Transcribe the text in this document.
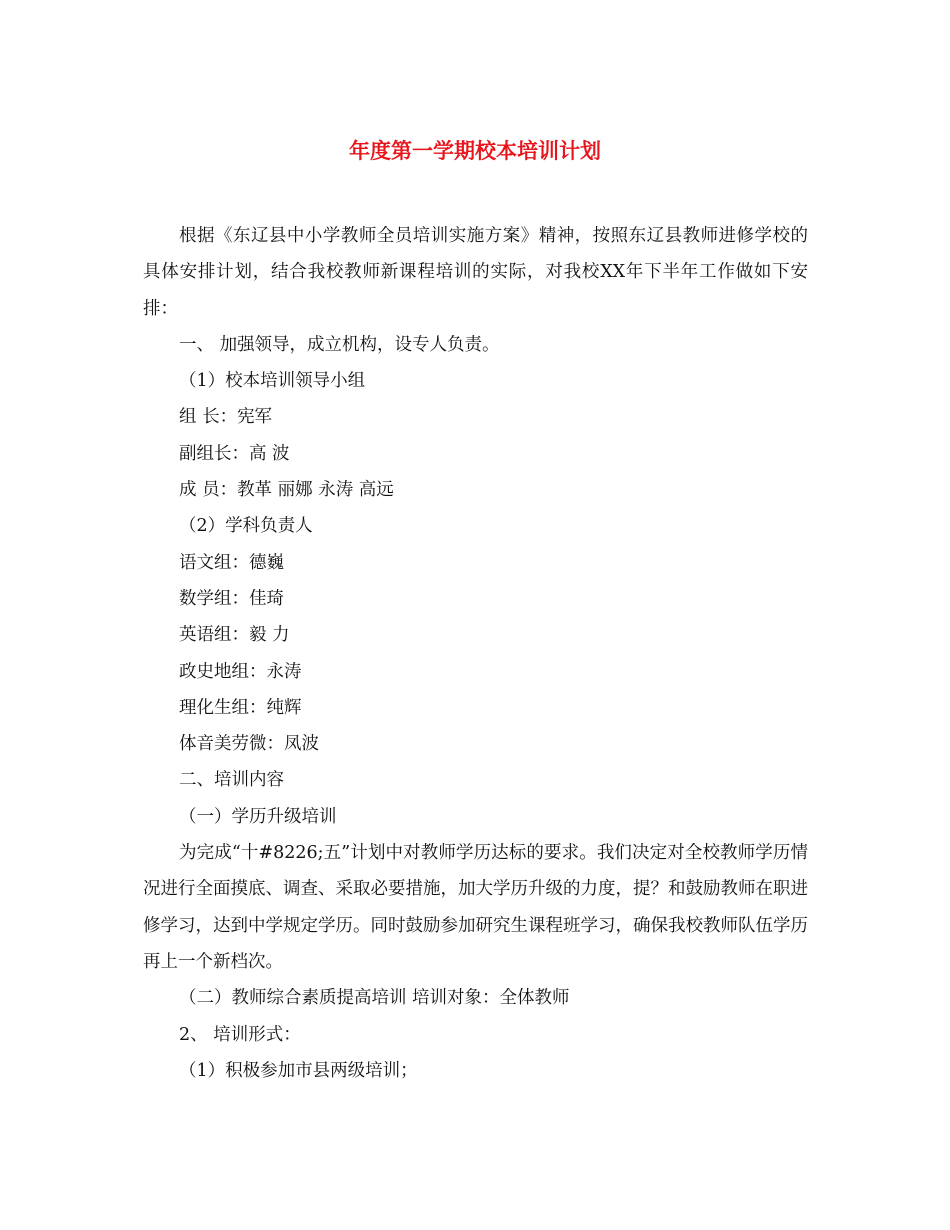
年度第一学期校本培训计划

根据《东辽县中小学教师全员培训实施方案》精神，按照东辽县教师进修学校的具体安排计划，结合我校教师新课程培训的实际，对我校XX年下半年工作做如下安排：

一、 加强领导，成立机构，设专人负责。

（1）校本培训领导小组

组 长：宪军

副组长：高 波

成 员：教革 丽娜 永涛 高远

（2）学科负责人

语文组：德巍

数学组：佳琦

英语组：毅 力

政史地组：永涛

理化生组：纯辉

体音美劳微：凤波

二、培训内容

（一）学历升级培训

为完成“十#8226;五”计划中对教师学历达标的要求。我们决定对全校教师学历情况进行全面摸底、调查、采取必要措施，加大学历升级的力度，提？和鼓励教师在职进修学习，达到中学规定学历。同时鼓励参加研究生课程班学习，确保我校教师队伍学历再上一个新档次。

（二）教师综合素质提高培训 培训对象：全体教师

2、 培训形式：

（1）积极参加市县两级培训；
